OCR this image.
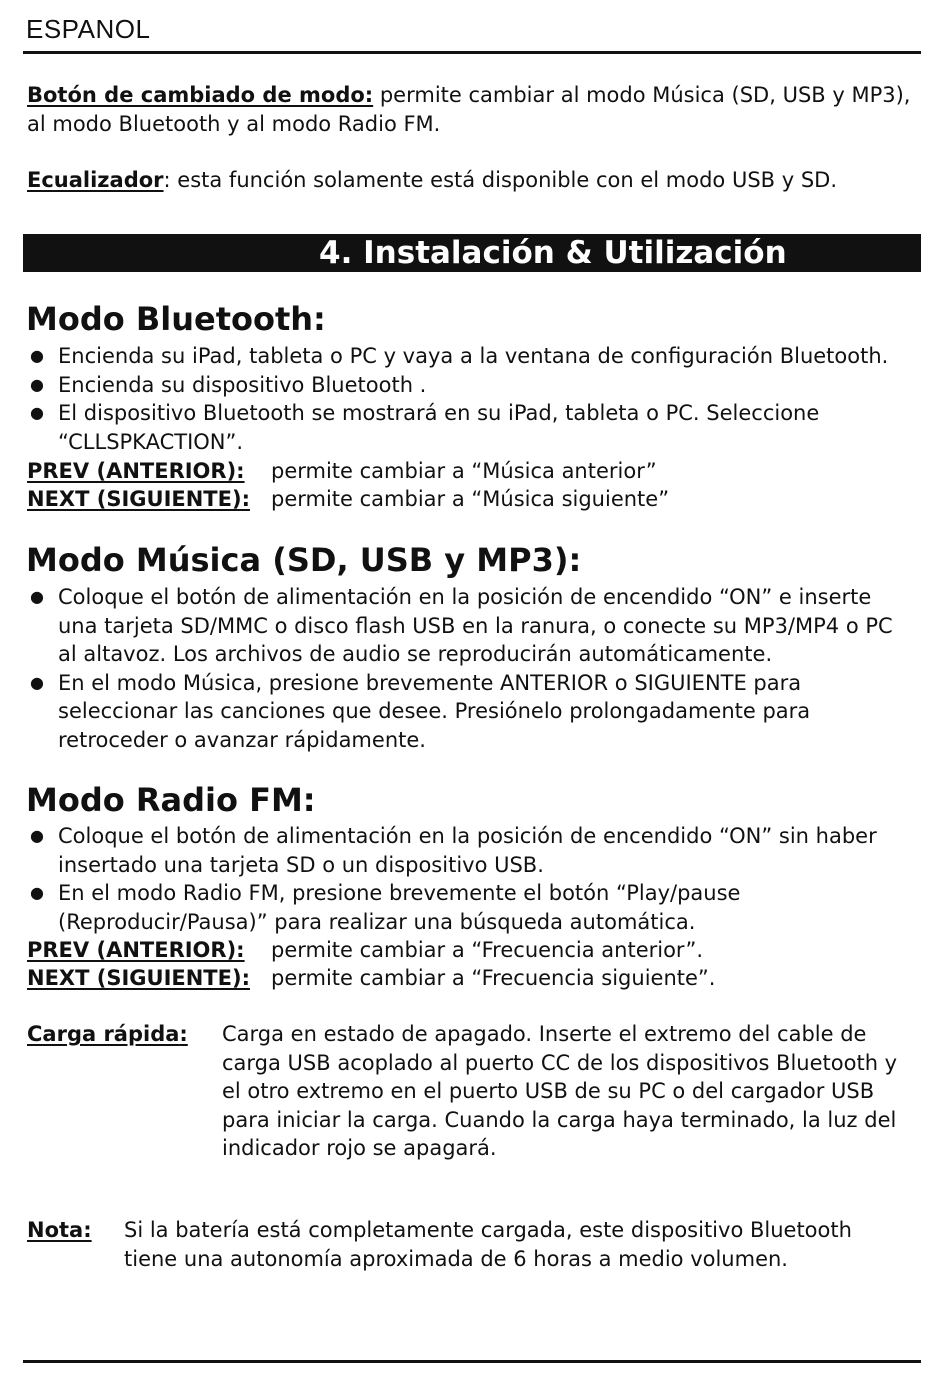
ESPANOL
Botón de cambiado de modo: permite cambiar al modo Música (SD, USB y MP3), al modo Bluetooth y al modo Radio FM.
Ecualizador: esta función solamente está disponible con el modo USB y SD.
4. Instalación & Utilización
Modo Bluetooth:
● Encienda su iPad, tableta o PC y vaya a la ventana de configuración Bluetooth.
● Encienda su dispositivo Bluetooth .
● El dispositivo Bluetooth se mostrará en su iPad, tableta o PC. Seleccione “CLLSPKACTION”.
PREV (ANTERIOR): permite cambiar a “Música anterior”
NEXT (SIGUIENTE): permite cambiar a “Música siguiente”
Modo Música (SD, USB y MP3):
● Coloque el botón de alimentación en la posición de encendido “ON” e inserte una tarjeta SD/MMC o disco flash USB en la ranura, o conecte su MP3/MP4 o PC al altavoz. Los archivos de audio se reproducirán automáticamente.
● En el modo Música, presione brevemente ANTERIOR o SIGUIENTE para seleccionar las canciones que desee. Presiónelo prolongadamente para retroceder o avanzar rápidamente.
Modo Radio FM:
● Coloque el botón de alimentación en la posición de encendido “ON” sin haber insertado una tarjeta SD o un dispositivo USB.
● En el modo Radio FM, presione brevemente el botón “Play/pause (Reproducir/Pausa)” para realizar una búsqueda automática.
PREV (ANTERIOR): permite cambiar a “Frecuencia anterior”.
NEXT (SIGUIENTE): permite cambiar a “Frecuencia siguiente”.
Carga rápida: Carga en estado de apagado. Inserte el extremo del cable de carga USB acoplado al puerto CC de los dispositivos Bluetooth y el otro extremo en el puerto USB de su PC o del cargador USB para iniciar la carga. Cuando la carga haya terminado, la luz del indicador rojo se apagará.
Nota: Si la batería está completamente cargada, este dispositivo Bluetooth tiene una autonomía aproximada de 6 horas a medio volumen.
